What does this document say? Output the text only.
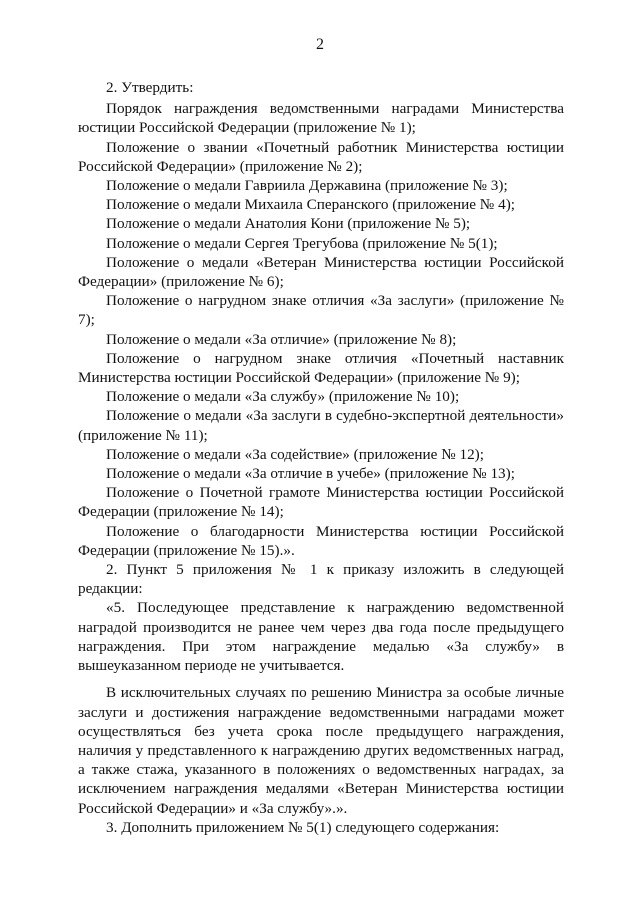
2

2. Утвердить:

Порядок награждения ведомственными наградами Министерства юстиции Российской Федерации (приложение № 1);

Положение о звании «Почетный работник Министерства юстиции Российской Федерации» (приложение № 2);

Положение о медали Гавриила Державина (приложение № 3);

Положение о медали Михаила Сперанского (приложение № 4);

Положение о медали Анатолия Кони (приложение № 5);

Положение о медали Сергея Трегубова (приложение № 5(1);

Положение о медали «Ветеран Министерства юстиции Российской Федерации» (приложение № 6);

Положение о нагрудном знаке отличия «За заслуги» (приложение № 7);

Положение о медали «За отличие» (приложение № 8);

Положение о нагрудном знаке отличия «Почетный наставник Министерства юстиции Российской Федерации» (приложение № 9);

Положение о медали «За службу» (приложение № 10);

Положение о медали «За заслуги в судебно-экспертной деятельности» (приложение № 11);

Положение о медали «За содействие» (приложение № 12);

Положение о медали «За отличие в учебе» (приложение № 13);

Положение о Почетной грамоте Министерства юстиции Российской Федерации (приложение № 14);

Положение о благодарности Министерства юстиции Российской Федерации (приложение № 15).».

2. Пункт 5 приложения № 1 к приказу изложить в следующей редакции:

«5. Последующее представление к награждению ведомственной наградой производится не ранее чем через два года после предыдущего награждения. При этом награждение медалью «За службу» в вышеуказанном периоде не учитывается.

В исключительных случаях по решению Министра за особые личные заслуги и достижения награждение ведомственными наградами может осуществляться без учета срока после предыдущего награждения, наличия у представленного к награждению других ведомственных наград, а также стажа, указанного в положениях о ведомственных наградах, за исключением награждения медалями «Ветеран Министерства юстиции Российской Федерации» и «За службу».».

3. Дополнить приложением № 5(1) следующего содержания:
